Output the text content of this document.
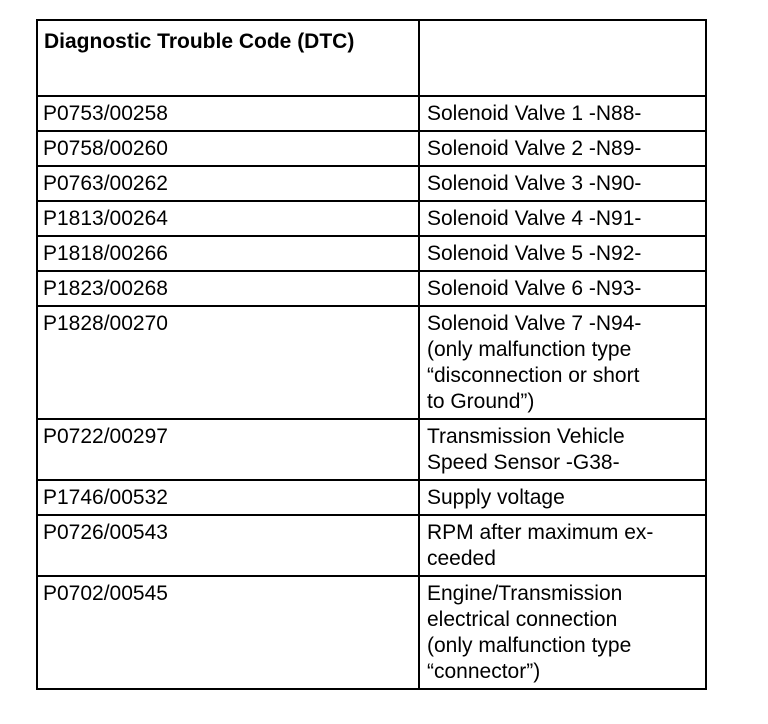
Diagnostic Trouble Code (DTC)	
P0753/00258	Solenoid Valve 1 -N88-

P0758/00260	Solenoid Valve 2 -N89-

P0763/00262	Solenoid Valve 3 -N90-

P1813/00264	Solenoid Valve 4 -N91-

P1818/00266	Solenoid Valve 5 -N92-

P1823/00268	Solenoid Valve 6 -N93-

P1828/00270	Solenoid Valve 7 -N94-
(only malfunction type
“disconnection or short
to Ground”)

P0722/00297	Transmission Vehicle
Speed Sensor -G38-

P1746/00532	Supply voltage

P0726/00543	RPM after maximum ex-
ceeded

P0702/00545	Engine/Transmission
electrical connection
(only malfunction type
“connector”)
